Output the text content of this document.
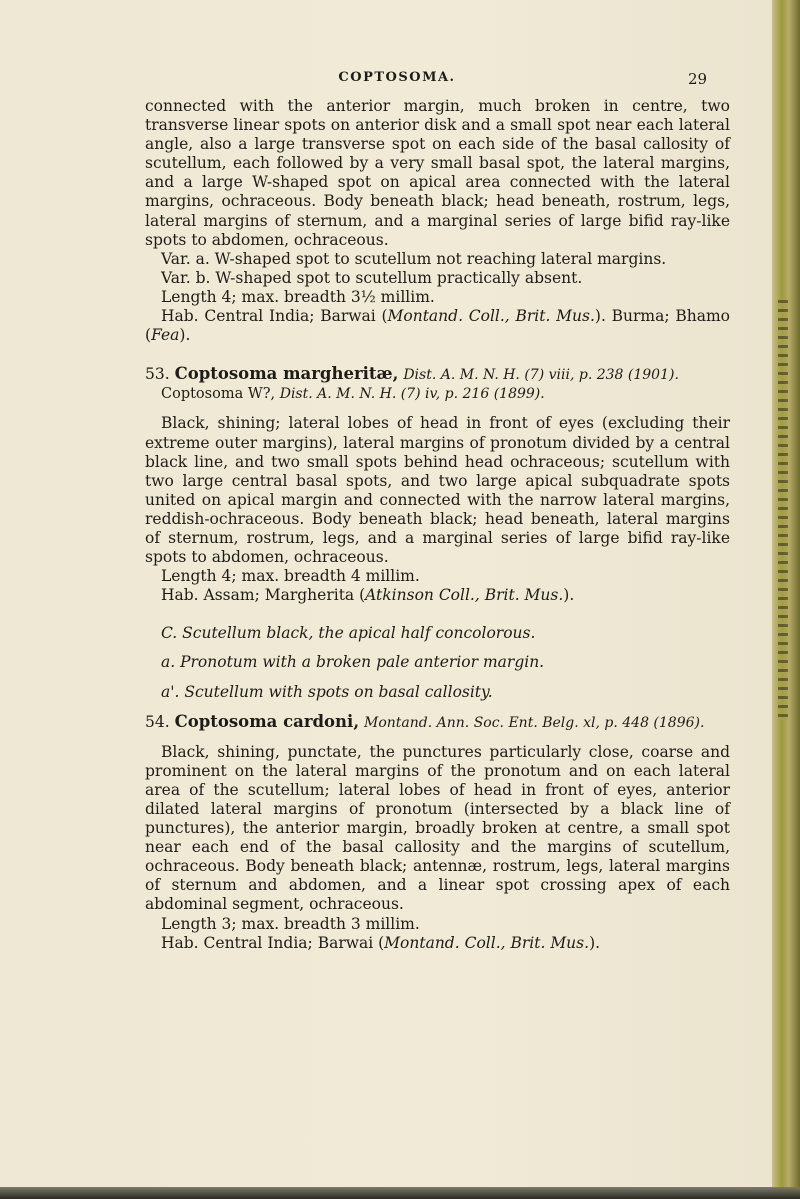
COPTOSOMA.	29

connected with the anterior margin, much broken in centre, two transverse linear spots on anterior disk and a small spot near each lateral angle, also a large transverse spot on each side of the basal callosity of scutellum, each followed by a very small basal spot, the lateral margins, and a large W-shaped spot on apical area connected with the lateral margins, ochraceous. Body beneath black; head beneath, rostrum, legs, lateral margins of sternum, and a marginal series of large bifid ray-like spots to abdomen, ochraceous.

Var. a. W-shaped spot to scutellum not reaching lateral margins.

Var. b. W-shaped spot to scutellum practically absent.

Length 4; max. breadth 3½ millim.

Hab. Central India; Barwai (Montand. Coll., Brit. Mus.). Burma; Bhamo (Fea).

53. Coptosoma margheritæ, Dist. A. M. N. H. (7) viii, p. 238 (1901).

Coptosoma W?, Dist. A. M. N. H. (7) iv, p. 216 (1899).

Black, shining; lateral lobes of head in front of eyes (excluding their extreme outer margins), lateral margins of pronotum divided by a central black line, and two small spots behind head ochraceous; scutellum with two large central basal spots, and two large apical subquadrate spots united on apical margin and connected with the narrow lateral margins, reddish-ochraceous. Body beneath black; head beneath, lateral margins of sternum, rostrum, legs, and a marginal series of large bifid ray-like spots to abdomen, ochraceous.

Length 4; max. breadth 4 millim.

Hab. Assam; Margherita (Atkinson Coll., Brit. Mus.).

C. Scutellum black, the apical half concolorous.

a. Pronotum with a broken pale anterior margin.

a'. Scutellum with spots on basal callosity.

54. Coptosoma cardoni, Montand. Ann. Soc. Ent. Belg. xl, p. 448 (1896).

Black, shining, punctate, the punctures particularly close, coarse and prominent on the lateral margins of the pronotum and on each lateral area of the scutellum; lateral lobes of head in front of eyes, anterior dilated lateral margins of pronotum (intersected by a black line of punctures), the anterior margin, broadly broken at centre, a small spot near each end of the basal callosity and the margins of scutellum, ochraceous. Body beneath black; antennæ, rostrum, legs, lateral margins of sternum and abdomen, and a linear spot crossing apex of each abdominal segment, ochraceous.

Length 3; max. breadth 3 millim.

Hab. Central India; Barwai (Montand. Coll., Brit. Mus.).
